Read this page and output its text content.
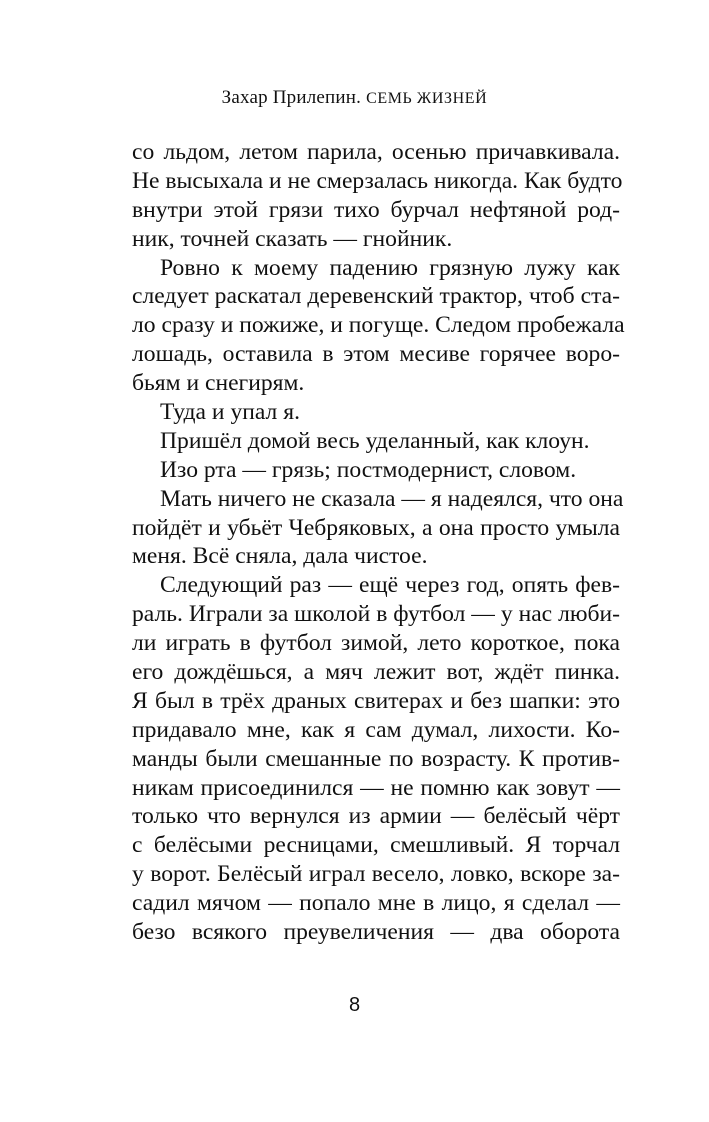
Захар Прилепин. СЕМЬ ЖИЗНЕЙ
со льдом, летом парила, осенью причавкивала.
Не высыхала и не смерзалась никогда. Как будто
внутри этой грязи тихо бурчал нефтяной род-
ник, точней сказать — гнойник.
Ровно к моему падению грязную лужу как
следует раскатал деревенский трактор, чтоб ста-
ло сразу и пожиже, и погуще. Следом пробежала
лошадь, оставила в этом месиве горячее воро-
бьям и снегирям.
Туда и упал я.
Пришёл домой весь уделанный, как клоун.
Изо рта — грязь; постмодернист, словом.
Мать ничего не сказала — я надеялся, что она
пойдёт и убьёт Чебряковых, а она просто умыла
меня. Всё сняла, дала чистое.
Следующий раз — ещё через год, опять фев-
раль. Играли за школой в футбол — у нас люби-
ли играть в футбол зимой, лето короткое, пока
его дождёшься, а мяч лежит вот, ждёт пинка.
Я был в трёх драных свитерах и без шапки: это
придавало мне, как я сам думал, лихости. Ко-
манды были смешанные по возрасту. К против-
никам присоединился — не помню как зовут —
только что вернулся из армии — белёсый чёрт
с белёсыми ресницами, смешливый. Я торчал
у ворот. Белёсый играл весело, ловко, вскоре за-
садил мячом — попало мне в лицо, я сделал —
безо всякого преувеличения — два оборота
8
